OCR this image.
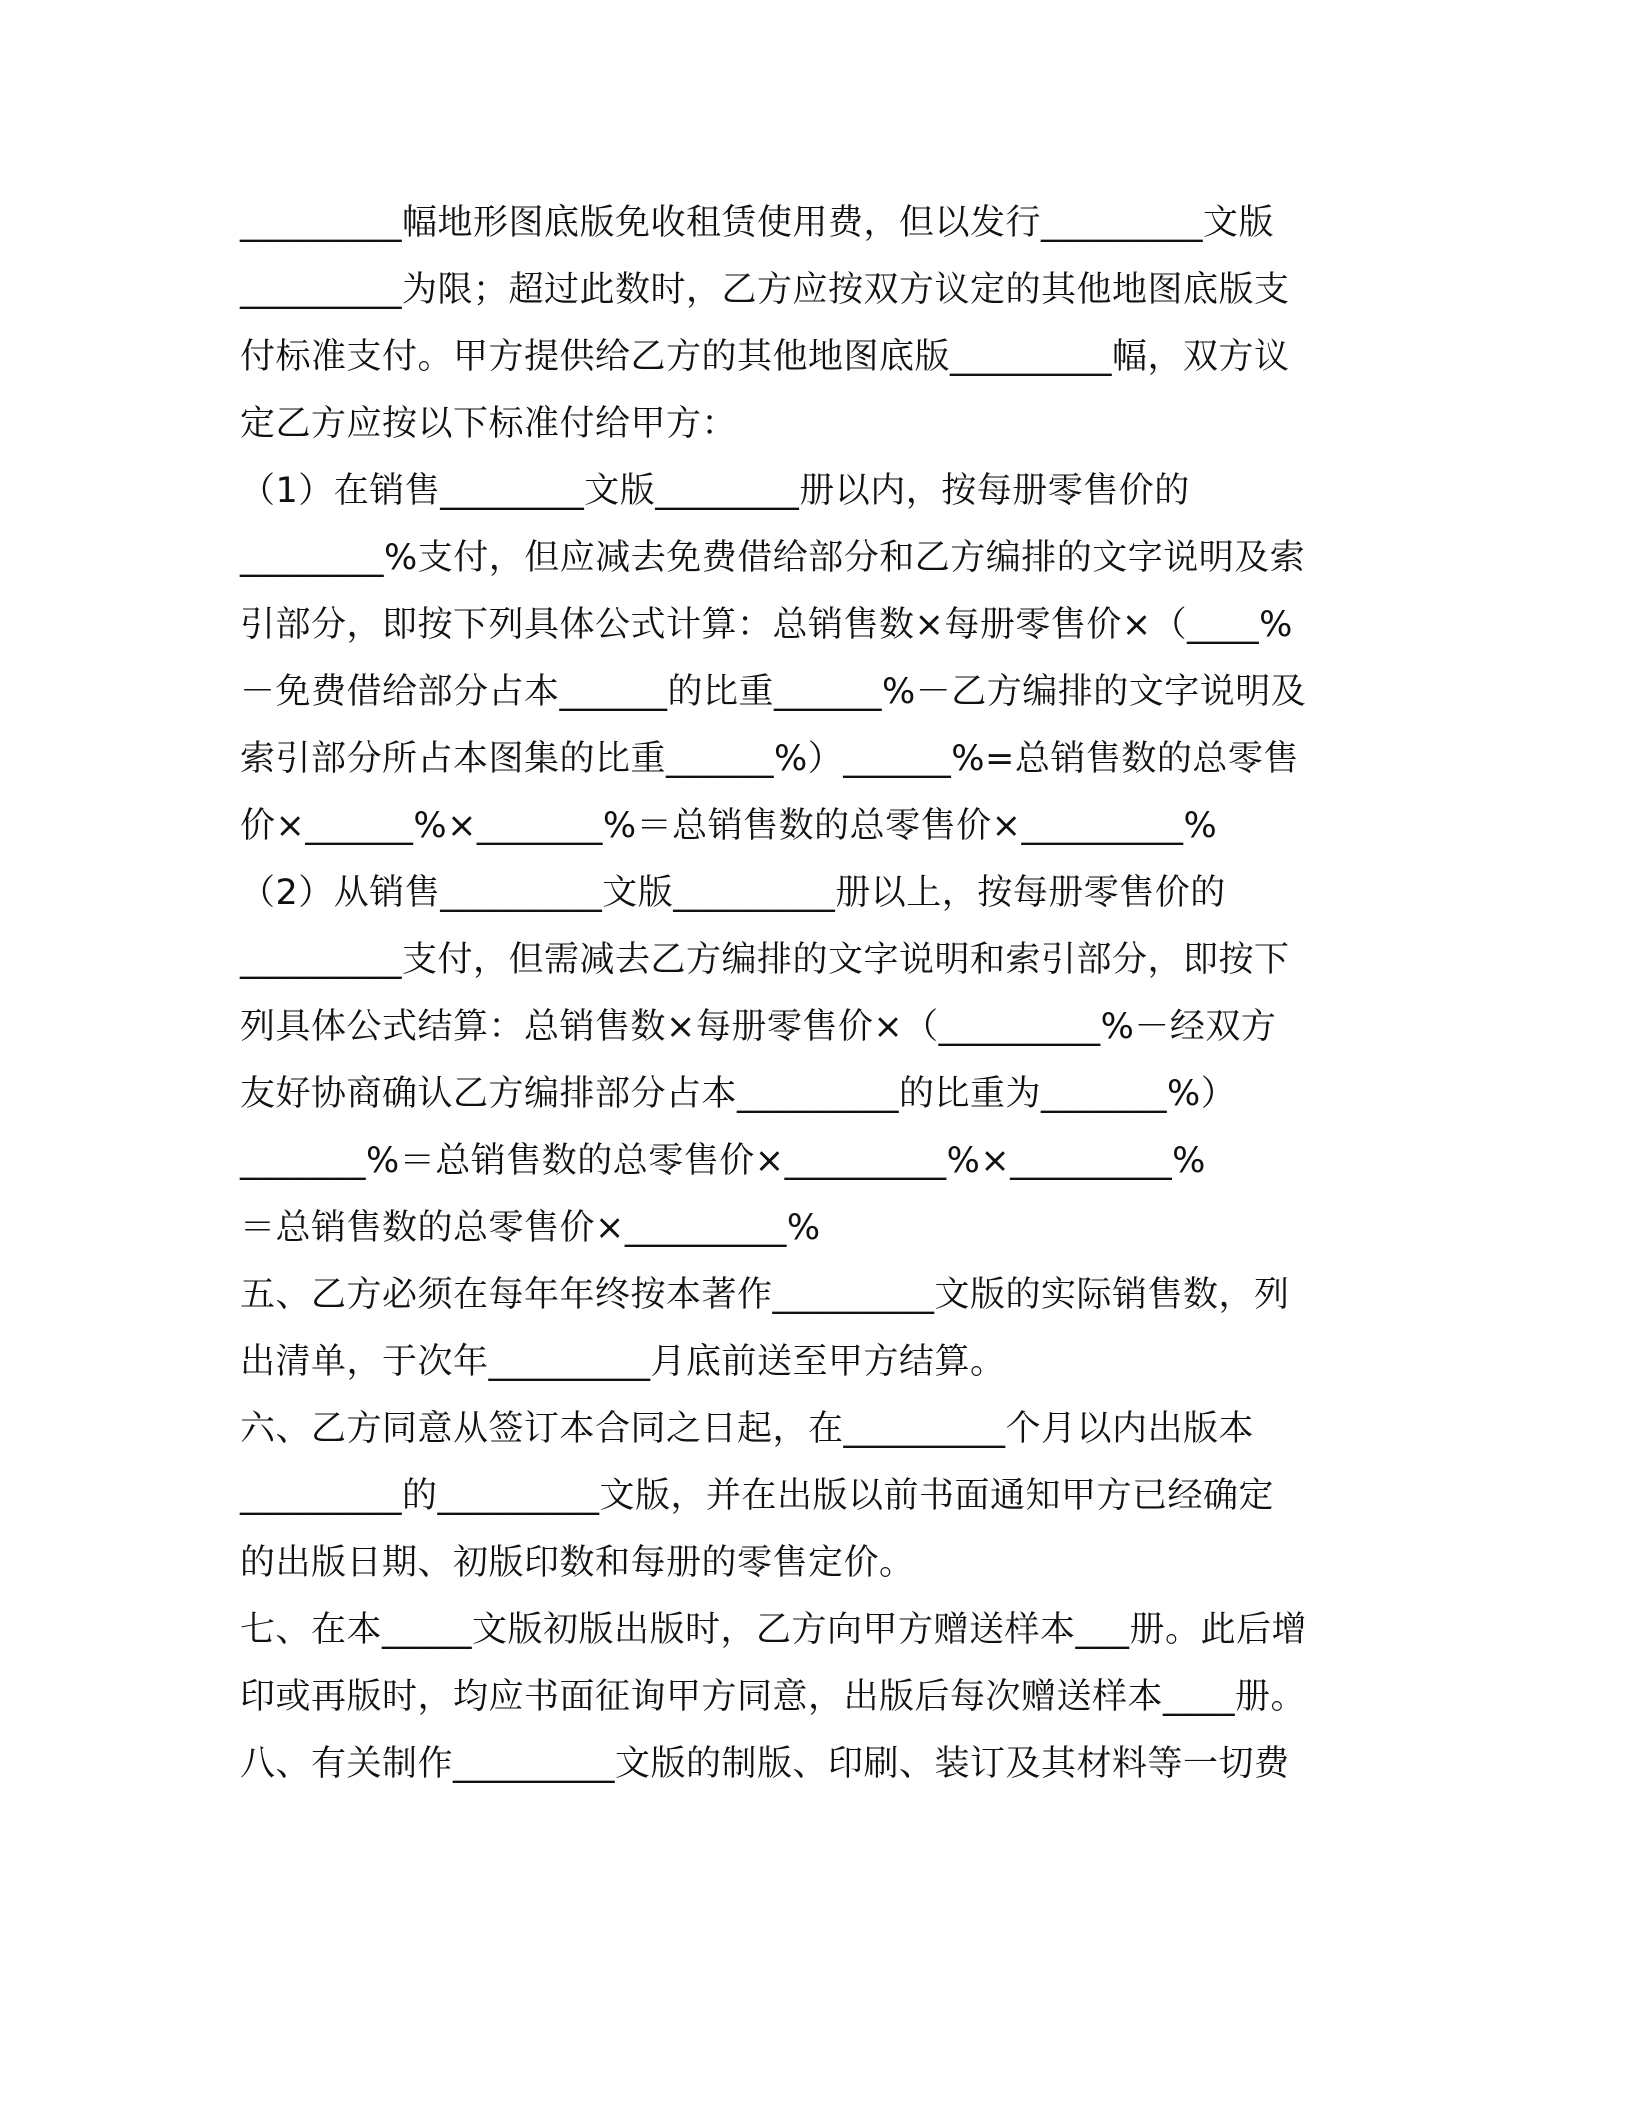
_________幅地形图底版免收租赁使用费，但以发行_________文版
_________为限；超过此数时，乙方应按双方议定的其他地图底版支
付标准支付。甲方提供给乙方的其他地图底版_________幅，双方议
定乙方应按以下标准付给甲方：
（1）在销售________文版________册以内，按每册零售价的
________%支付，但应减去免费借给部分和乙方编排的文字说明及索
引部分，即按下列具体公式计算：总销售数×每册零售价×（____%
－免费借给部分占本______的比重______%－乙方编排的文字说明及
索引部分所占本图集的比重______%）______%=总销售数的总零售
价×______%×_______%＝总销售数的总零售价×_________%
（2）从销售_________文版_________册以上，按每册零售价的
_________支付，但需减去乙方编排的文字说明和索引部分，即按下
列具体公式结算：总销售数×每册零售价×（_________%－经双方
友好协商确认乙方编排部分占本_________的比重为_______%）
_______%＝总销售数的总零售价×_________%×_________%
＝总销售数的总零售价×_________%
五、乙方必须在每年年终按本著作_________文版的实际销售数，列
出清单，于次年_________月底前送至甲方结算。
六、乙方同意从签订本合同之日起，在_________个月以内出版本
_________的_________文版，并在出版以前书面通知甲方已经确定
的出版日期、初版印数和每册的零售定价。
七、在本_____文版初版出版时，乙方向甲方赠送样本___册。此后增
印或再版时，均应书面征询甲方同意，出版后每次赠送样本____册。
八、有关制作_________文版的制版、印刷、装订及其材料等一切费
